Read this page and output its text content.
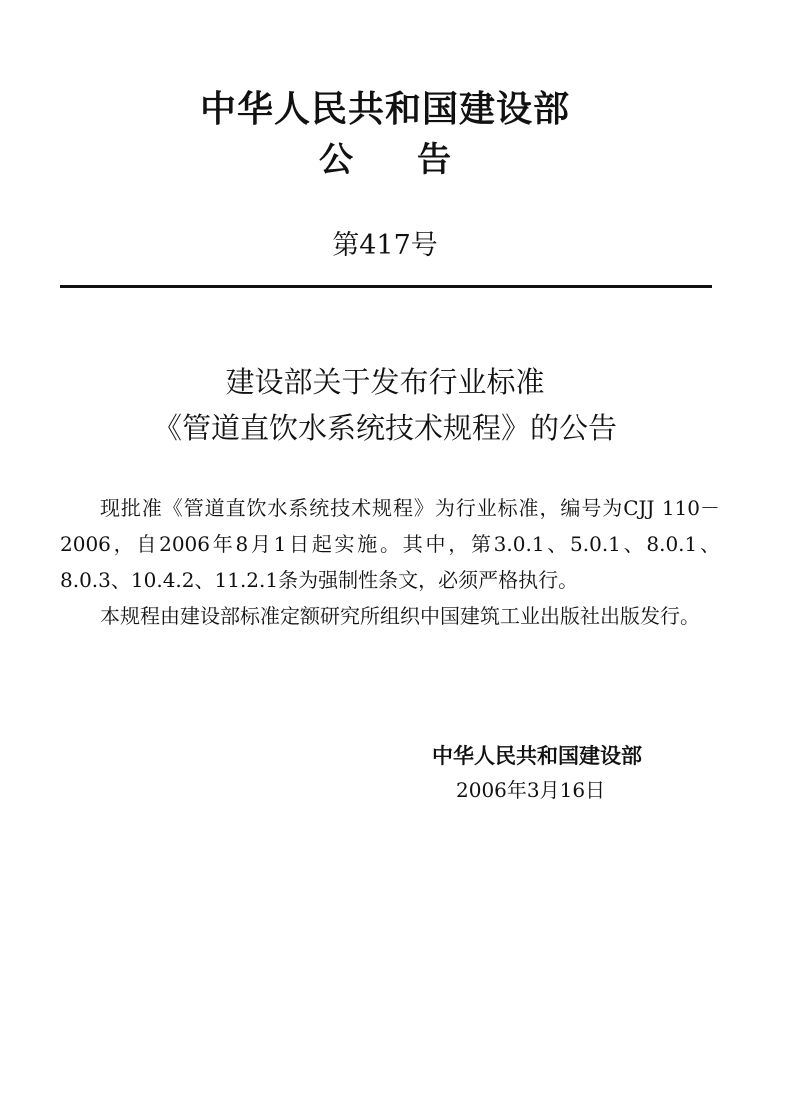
中华人民共和国建设部
公告
第417号
建设部关于发布行业标准
《管道直饮水系统技术规程》的公告

现批准《管道直饮水系统技术规程》为行业标准，编号为CJJ 110－2006，自2006年8月1日起实施。其中，第3.0.1、5.0.1、8.0.1、8.0.3、10.4.2、11.2.1条为强制性条文，必须严格执行。

本规程由建设部标准定额研究所组织中国建筑工业出版社出版发行。

中华人民共和国建设部
2006年3月16日
